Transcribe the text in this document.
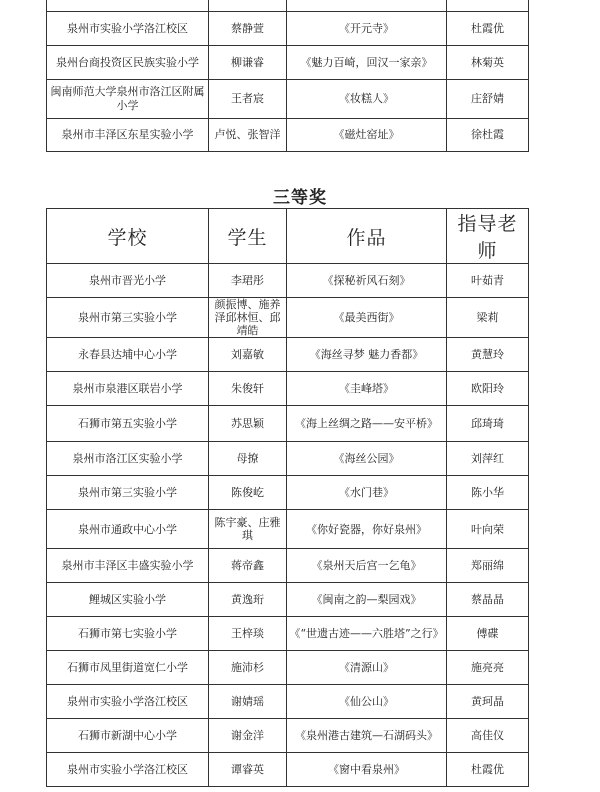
泉州市实验小学洛江校区	蔡静萱	《开元寺》	杜霞优
泉州台商投资区民族实验小学	柳谦睿	《魅力百崎，回汉一家亲》	林菊英
闽南师范大学泉州市洛江区附属小学	王者宸	《妆糕人》	庄舒婧
泉州市丰泽区东星实验小学	卢悦、张智洋	《磁灶窑址》	徐杜霞
三等奖
学校	学生	作品	指导老师
泉州市晋光小学	李珺彤	《探秘祈风石刻》	叶茹青
泉州市第三实验小学	颜振博、施养泽邱林恒、邱靖皓	《最美西街》	梁莉
永春县达埔中心小学	刘嘉敏	《海丝寻梦 魅力香都》	黄慧玲
泉州市泉港区联岩小学	朱俊轩	《圭峰塔》	欧阳玲
石狮市第五实验小学	苏思颖	《海上丝绸之路——安平桥》	邱琦琦
泉州市洛江区实验小学	母撩	《海丝公园》	刘萍红
泉州市第三实验小学	陈俊屹	《水门巷》	陈小华
泉州市通政中心小学	陈宇豪、庄雅琪	《你好瓷器，你好泉州》	叶向荣
泉州市丰泽区丰盛实验小学	蒋帝鑫	《泉州天后宫一乞龟》	郑丽绵
鲤城区实验小学	黄逸珩	《闽南之韵—梨园戏》	蔡晶晶
石狮市第七实验小学	王梓琰	《“世遗古迹——六胜塔”之行》	傅碟
石狮市凤里街道宽仁小学	施沛杉	《清源山》	施亮亮
泉州市实验小学洛江校区	谢婧瑶	《仙公山》	黄珂晶
石狮市新湖中心小学	谢金洋	《泉州港古建筑—石湖码头》	高佳仪
泉州市实验小学洛江校区	谭睿英	《窗中看泉州》	杜霞优
